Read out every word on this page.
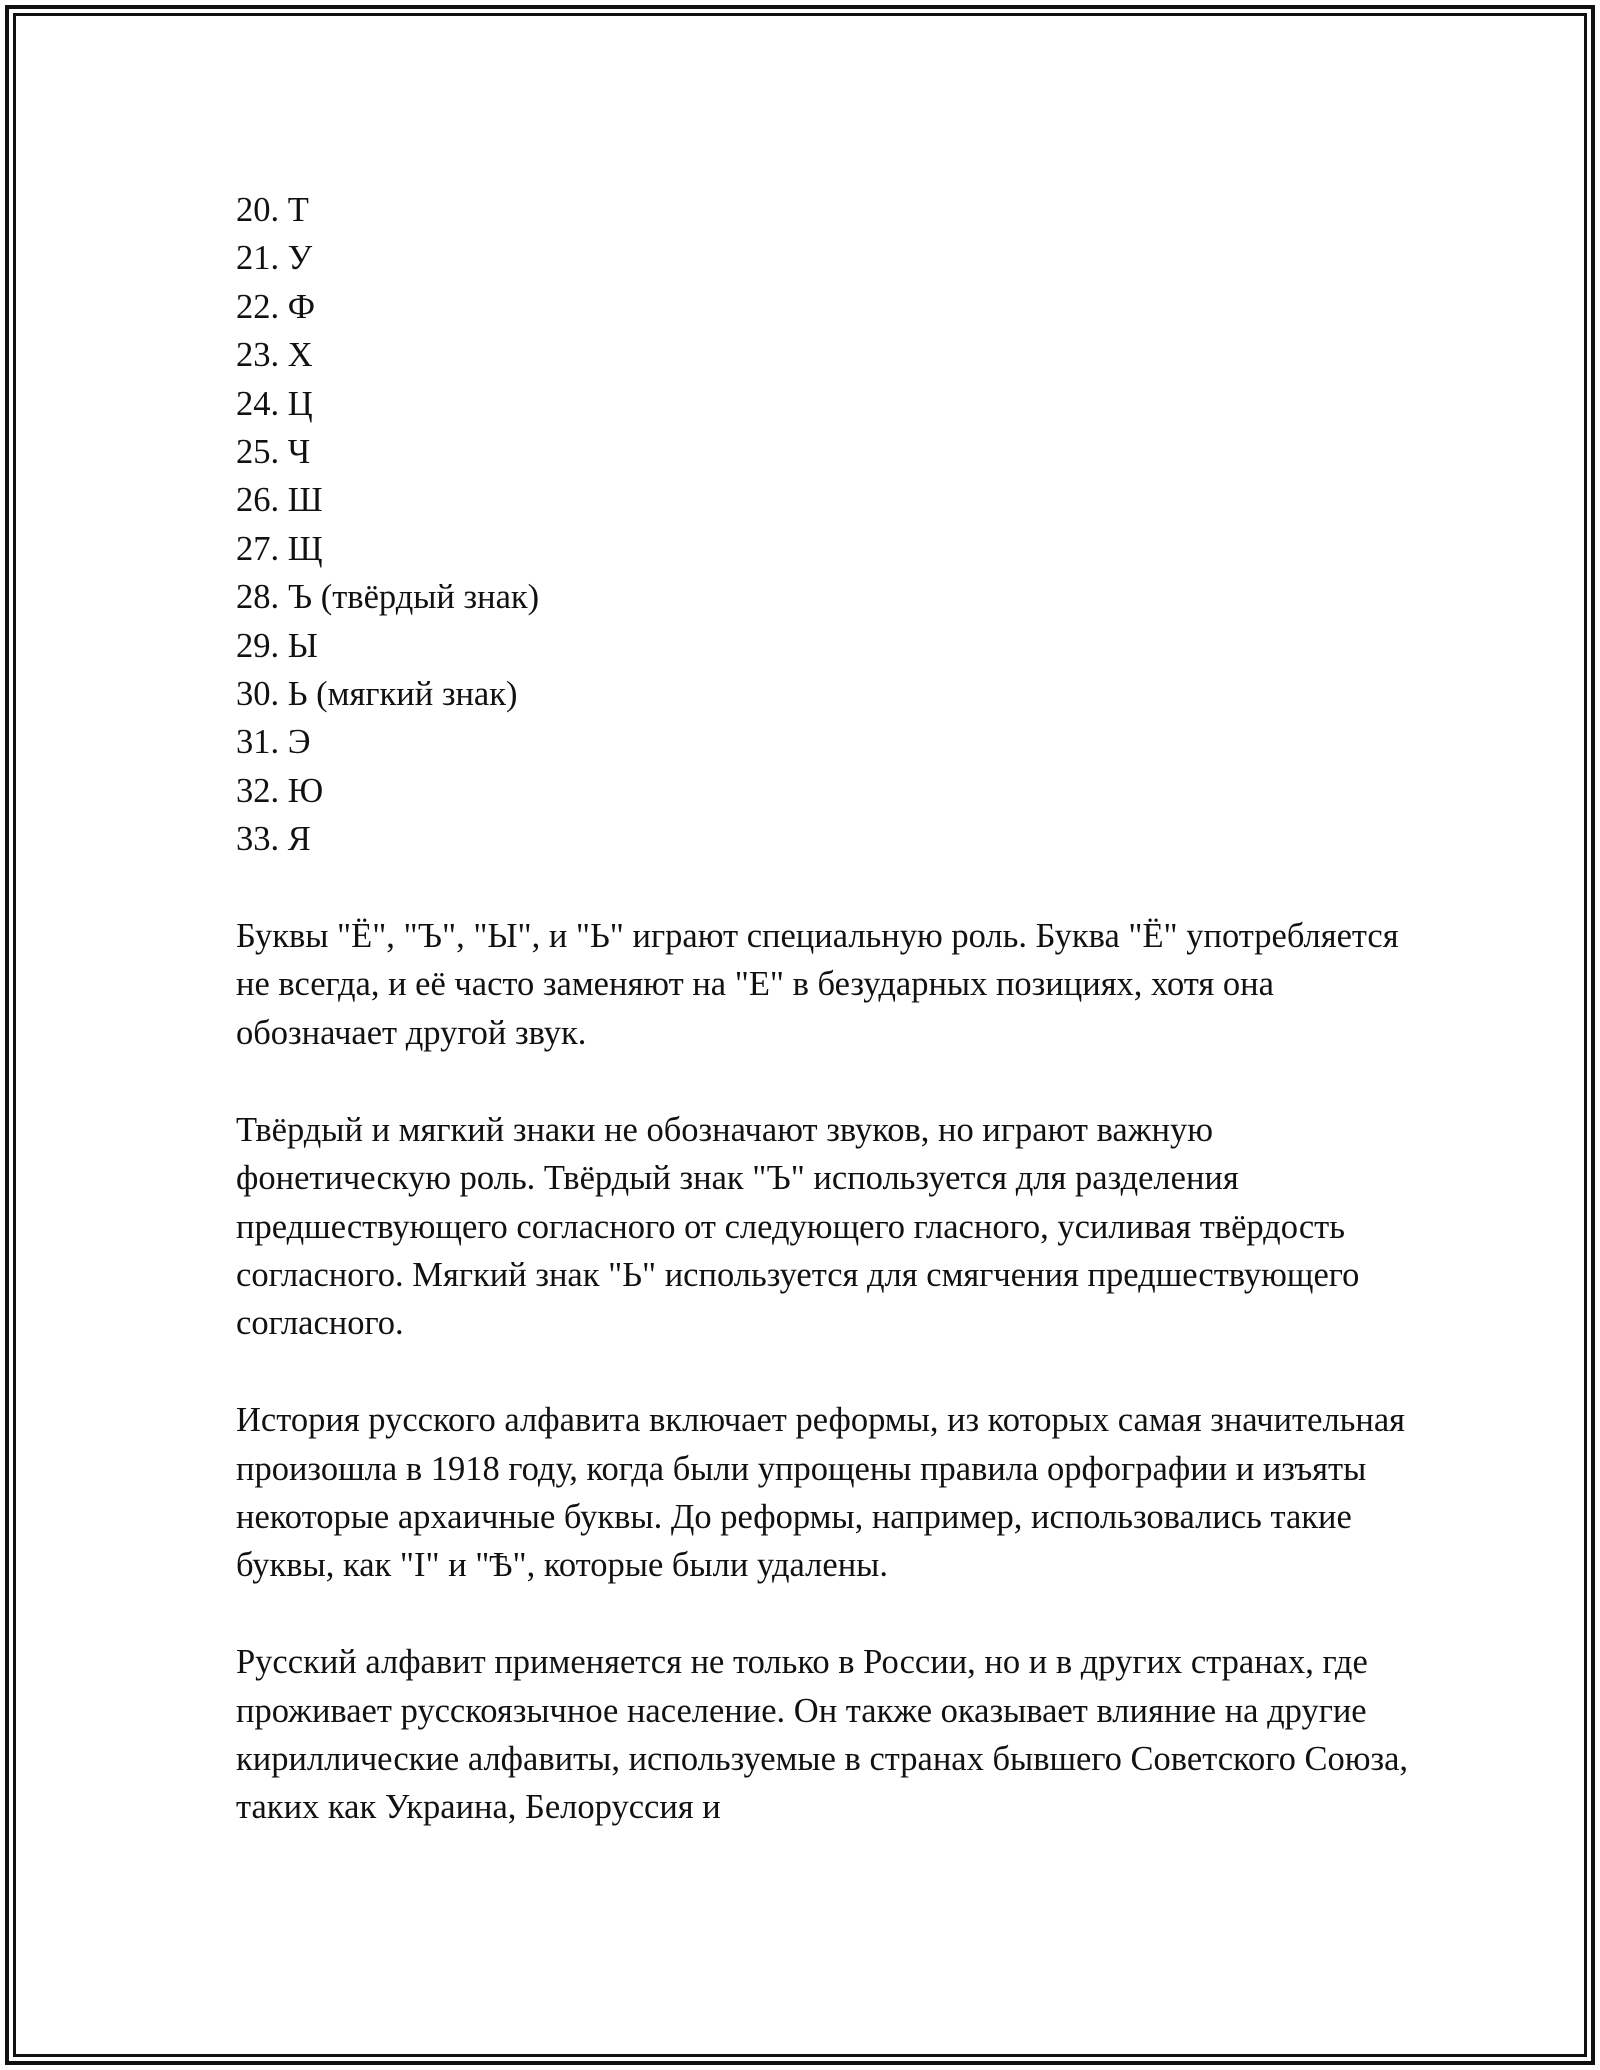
20. Т
21. У
22. Ф
23. Х
24. Ц
25. Ч
26. Ш
27. Щ
28. Ъ (твёрдый знак)
29. Ы
30. Ь (мягкий знак)
31. Э
32. Ю
33. Я

Буквы "Ё", "Ъ", "Ы", и "Ь" играют специальную роль. Буква "Ё" употребляется не всегда, и её часто заменяют на "Е" в безударных позициях, хотя она обозначает другой звук.

Твёрдый и мягкий знаки не обозначают звуков, но играют важную фонетическую роль. Твёрдый знак "Ъ" используется для разделения предшествующего согласного от следующего гласного, усиливая твёрдость согласного. Мягкий знак "Ь" используется для смягчения предшествующего согласного.

История русского алфавита включает реформы, из которых самая значительная произошла в 1918 году, когда были упрощены правила орфографии и изъяты некоторые архаичные буквы. До реформы, например, использовались такие буквы, как "І" и "Ѣ", которые были удалены.

Русский алфавит применяется не только в России, но и в других странах, где проживает русскоязычное население. Он также оказывает влияние на другие кириллические алфавиты, используемые в странах бывшего Советского Союза, таких как Украина, Белоруссия и
